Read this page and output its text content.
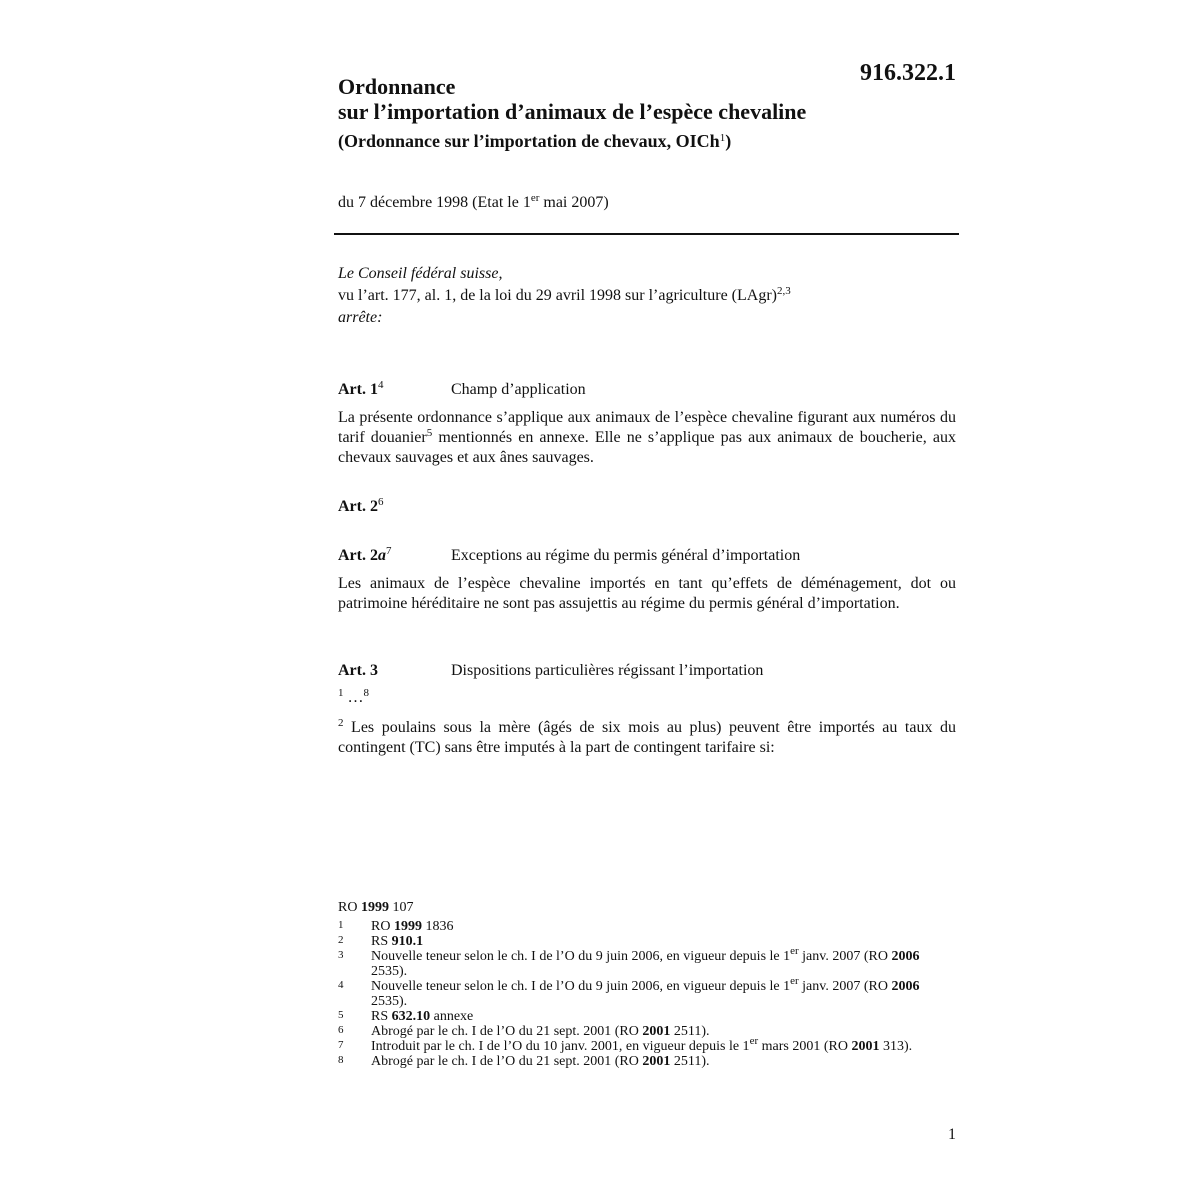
916.322.1
Ordonnance
sur l’importation d’animaux de l’espèce chevaline
(Ordonnance sur l’importation de chevaux, OICh$^1$)
du 7 décembre 1998 (Etat le 1er mai 2007)

Le Conseil fédéral suisse,

vu l’art. 177, al. 1, de la loi du 29 avril 1998 sur l’agriculture (LAgr)$^{2,3}$

arrête:

Art. $1^4$	Champ d’application

La présente ordonnance s’applique aux animaux de l’espèce chevaline figurant aux numéros du tarif douanier$^5$ mentionnés en annexe. Elle ne s’applique pas aux animaux de boucherie, aux chevaux sauvages et aux ânes sauvages.

Art. $2^6$
Art. $2a^7$	Exceptions au régime du permis général d’importation

Les animaux de l’espèce chevaline importés en tant qu’effets de déménagement, dot ou patrimoine héréditaire ne sont pas assujettis au régime du permis général d’importation.

Art. 3	Dispositions particulières régissant l’importation

$^1$ …$^8$

$^2$ Les poulains sous la mère (âgés de six mois au plus) peuvent être importés au taux du contingent (TC) sans être imputés à la part de contingent tarifaire si:

RO 1999 107
1	RO 1999 1836
2	RS 910.1
3	Nouvelle teneur selon le ch. I de l’O du 9 juin 2006, en vigueur depuis le 1er janv. 2007 (RO 2006 2535).
4	Nouvelle teneur selon le ch. I de l’O du 9 juin 2006, en vigueur depuis le 1er janv. 2007 (RO 2006 2535).
5	RS 632.10 annexe
6	Abrogé par le ch. I de l’O du 21 sept. 2001 (RO 2001 2511).
7	Introduit par le ch. I de l’O du 10 janv. 2001, en vigueur depuis le 1er mars 2001 (RO 2001 313).
8	Abrogé par le ch. I de l’O du 21 sept. 2001 (RO 2001 2511).
1
